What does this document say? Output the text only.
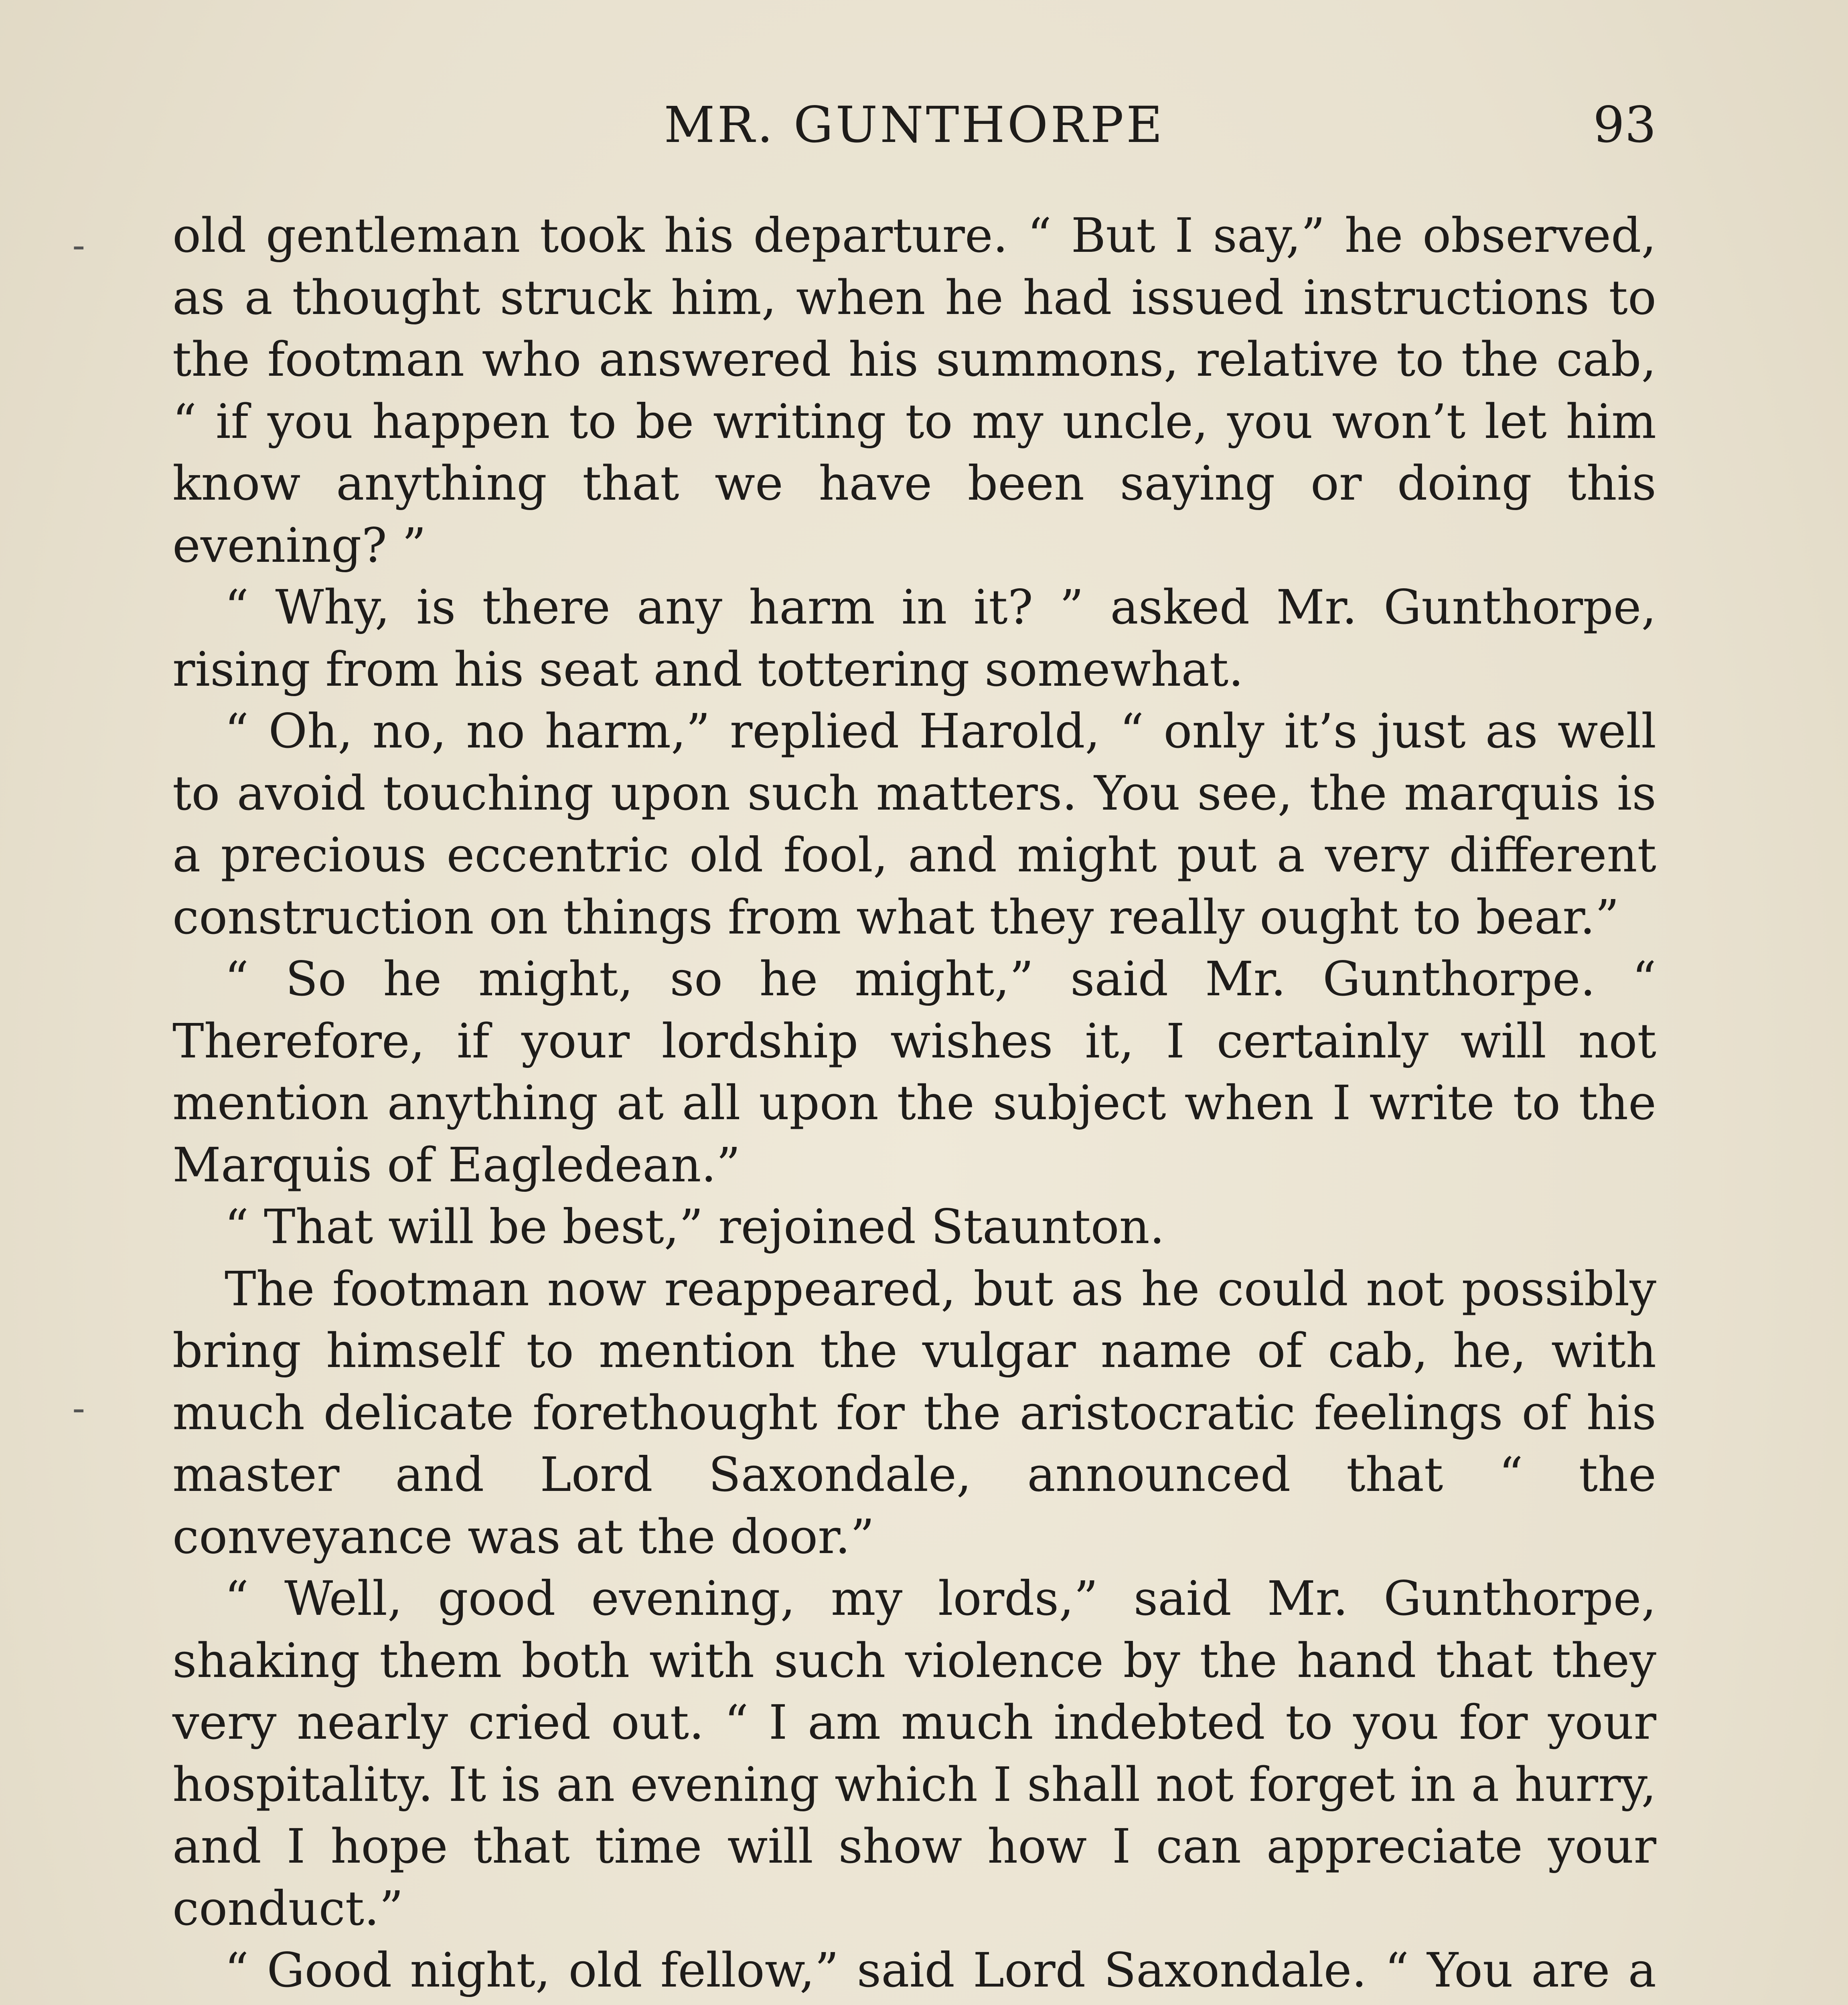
MR. GUNTHORPE	93
-
-

old gentleman took his departure. “ But I say,” he observed, as a thought struck him, when he had issued instructions to the footman who answered his summons, relative to the cab, “ if you happen to be writing to my uncle, you won’t let him know anything that we have been saying or doing this evening? ”

“ Why, is there any harm in it? ” asked Mr. Gunthorpe, rising from his seat and tottering somewhat.

“ Oh, no, no harm,” replied Harold, “ only it’s just as well to avoid touching upon such matters. You see, the marquis is a precious eccentric old fool, and might put a very different construction on things from what they really ought to bear.”

“ So he might, so he might,” said Mr. Gunthorpe. “ Therefore, if your lordship wishes it, I certainly will not mention anything at all upon the subject when I write to the Marquis of Eagledean.”

“ That will be best,” rejoined Staunton.

The footman now reappeared, but as he could not possibly bring himself to mention the vulgar name of cab, he, with much delicate forethought for the aristocratic feelings of his master and Lord Saxondale, announced that “ the conveyance was at the door.”

“ Well, good evening, my lords,” said Mr. Gunthorpe, shaking them both with such violence by the hand that they very nearly cried out. “ I am much indebted to you for your hospitality. It is an evening which I shall not forget in a hurry, and I hope that time will show how I can appreciate your conduct.”

“ Good night, old fellow,” said Lord Saxondale. “ You are a
